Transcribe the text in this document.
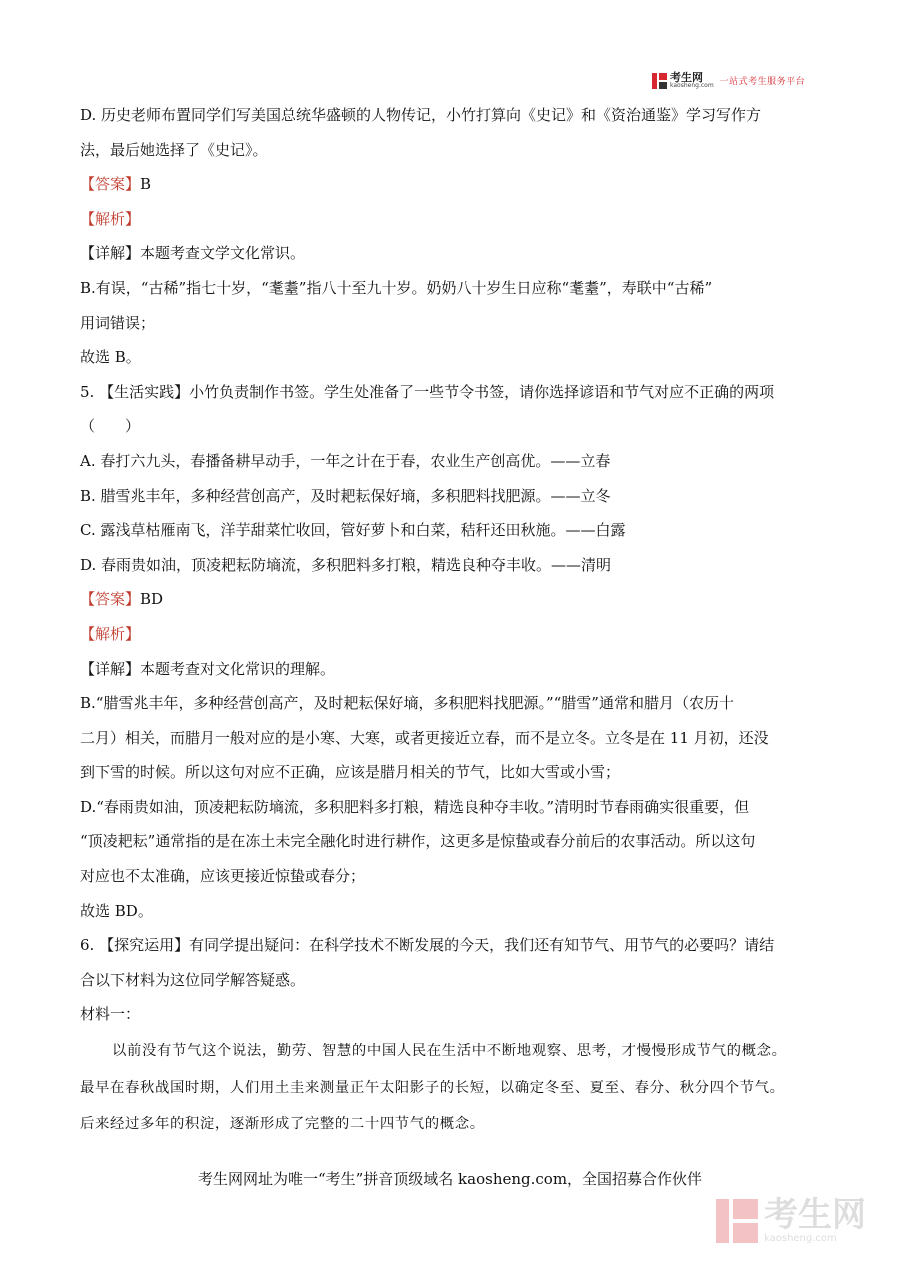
考生网
kaosheng.com 一站式考生服务平台

D. 历史老师布置同学们写美国总统华盛顿的人物传记，小竹打算向《史记》和《资治通鉴》学习写作方

法，最后她选择了《史记》。

【答案】B

【解析】

【详解】本题考查文学文化常识。

B.有误，“古稀”指七十岁，“耄耋”指八十至九十岁。奶奶八十岁生日应称“耄耋”，寿联中“古稀”

用词错误；

故选 B。

5. 【生活实践】小竹负责制作书签。学生处准备了一些节令书签，请你选择谚语和节气对应不正确的两项

（　　）

A. 春打六九头，春播备耕早动手，一年之计在于春，农业生产创高优。——立春

B. 腊雪兆丰年，多种经营创高产，及时耙耘保好墒，多积肥料找肥源。——立冬

C. 露浅草枯雁南飞，洋芋甜菜忙收回，管好萝卜和白菜，秸秆还田秋施。——白露

D. 春雨贵如油，顶凌耙耘防墒流，多积肥料多打粮，精选良种夺丰收。——清明

【答案】BD

【解析】

【详解】本题考查对文化常识的理解。

B.“腊雪兆丰年，多种经营创高产，及时耙耘保好墒，多积肥料找肥源。”“腊雪”通常和腊月（农历十

二月）相关，而腊月一般对应的是小寒、大寒，或者更接近立春，而不是立冬。立冬是在 11 月初，还没

到下雪的时候。所以这句对应不正确，应该是腊月相关的节气，比如大雪或小雪；

D.“春雨贵如油，顶凌耙耘防墒流，多积肥料多打粮，精选良种夺丰收。”清明时节春雨确实很重要，但

“顶凌耙耘”通常指的是在冻土未完全融化时进行耕作，这更多是惊蛰或春分前后的农事活动。所以这句

对应也不太准确，应该更接近惊蛰或春分；

故选 BD。

6. 【探究运用】有同学提出疑问：在科学技术不断发展的今天，我们还有知节气、用节气的必要吗？请结

合以下材料为这位同学解答疑惑。

材料一：

以前没有节气这个说法，勤劳、智慧的中国人民在生活中不断地观察、思考，才慢慢形成节气的概念。

最早在春秋战国时期，人们用土圭来测量正午太阳影子的长短，以确定冬至、夏至、春分、秋分四个节气。

后来经过多年的积淀，逐渐形成了完整的二十四节气的概念。

考生网网址为唯一“考生”拼音顶级域名 kaosheng.com，全国招募合作伙伴
考生网
kaosheng.com
